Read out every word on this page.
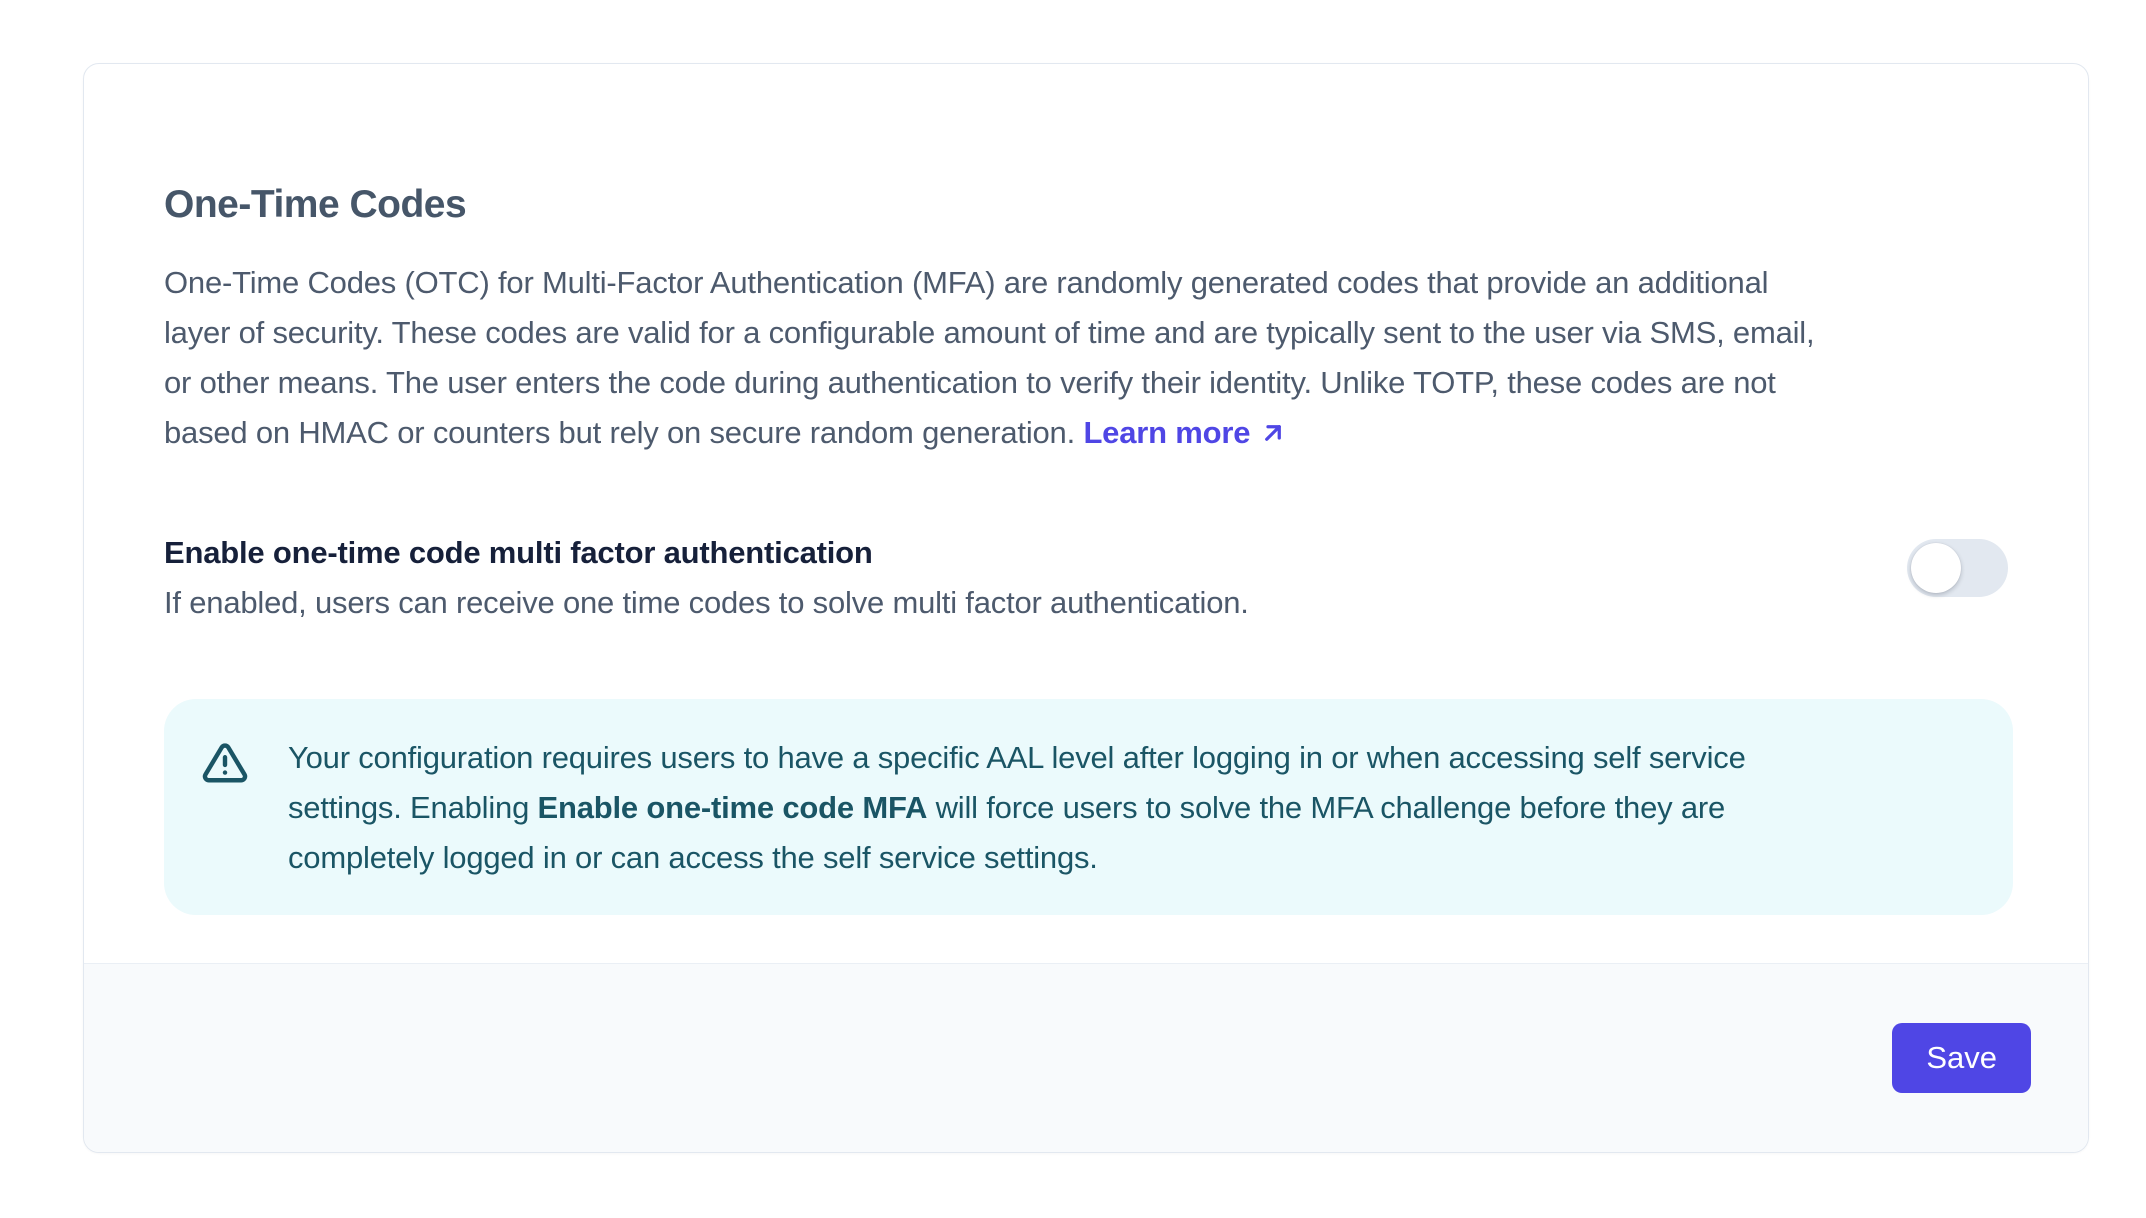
One-Time Codes
One-Time Codes (OTC) for Multi-Factor Authentication (MFA) are randomly generated codes that provide an additional
layer of security. These codes are valid for a configurable amount of time and are typically sent to the user via SMS, email,
or other means. The user enters the code during authentication to verify their identity. Unlike TOTP, these codes are not
based on HMAC or counters but rely on secure random generation. Learn more
Enable one-time code multi factor authentication
If enabled, users can receive one time codes to solve multi factor authentication.
Your configuration requires users to have a specific AAL level after logging in or when accessing self service
settings. Enabling Enable one-time code MFA will force users to solve the MFA challenge before they are
completely logged in or can access the self service settings.
Save
